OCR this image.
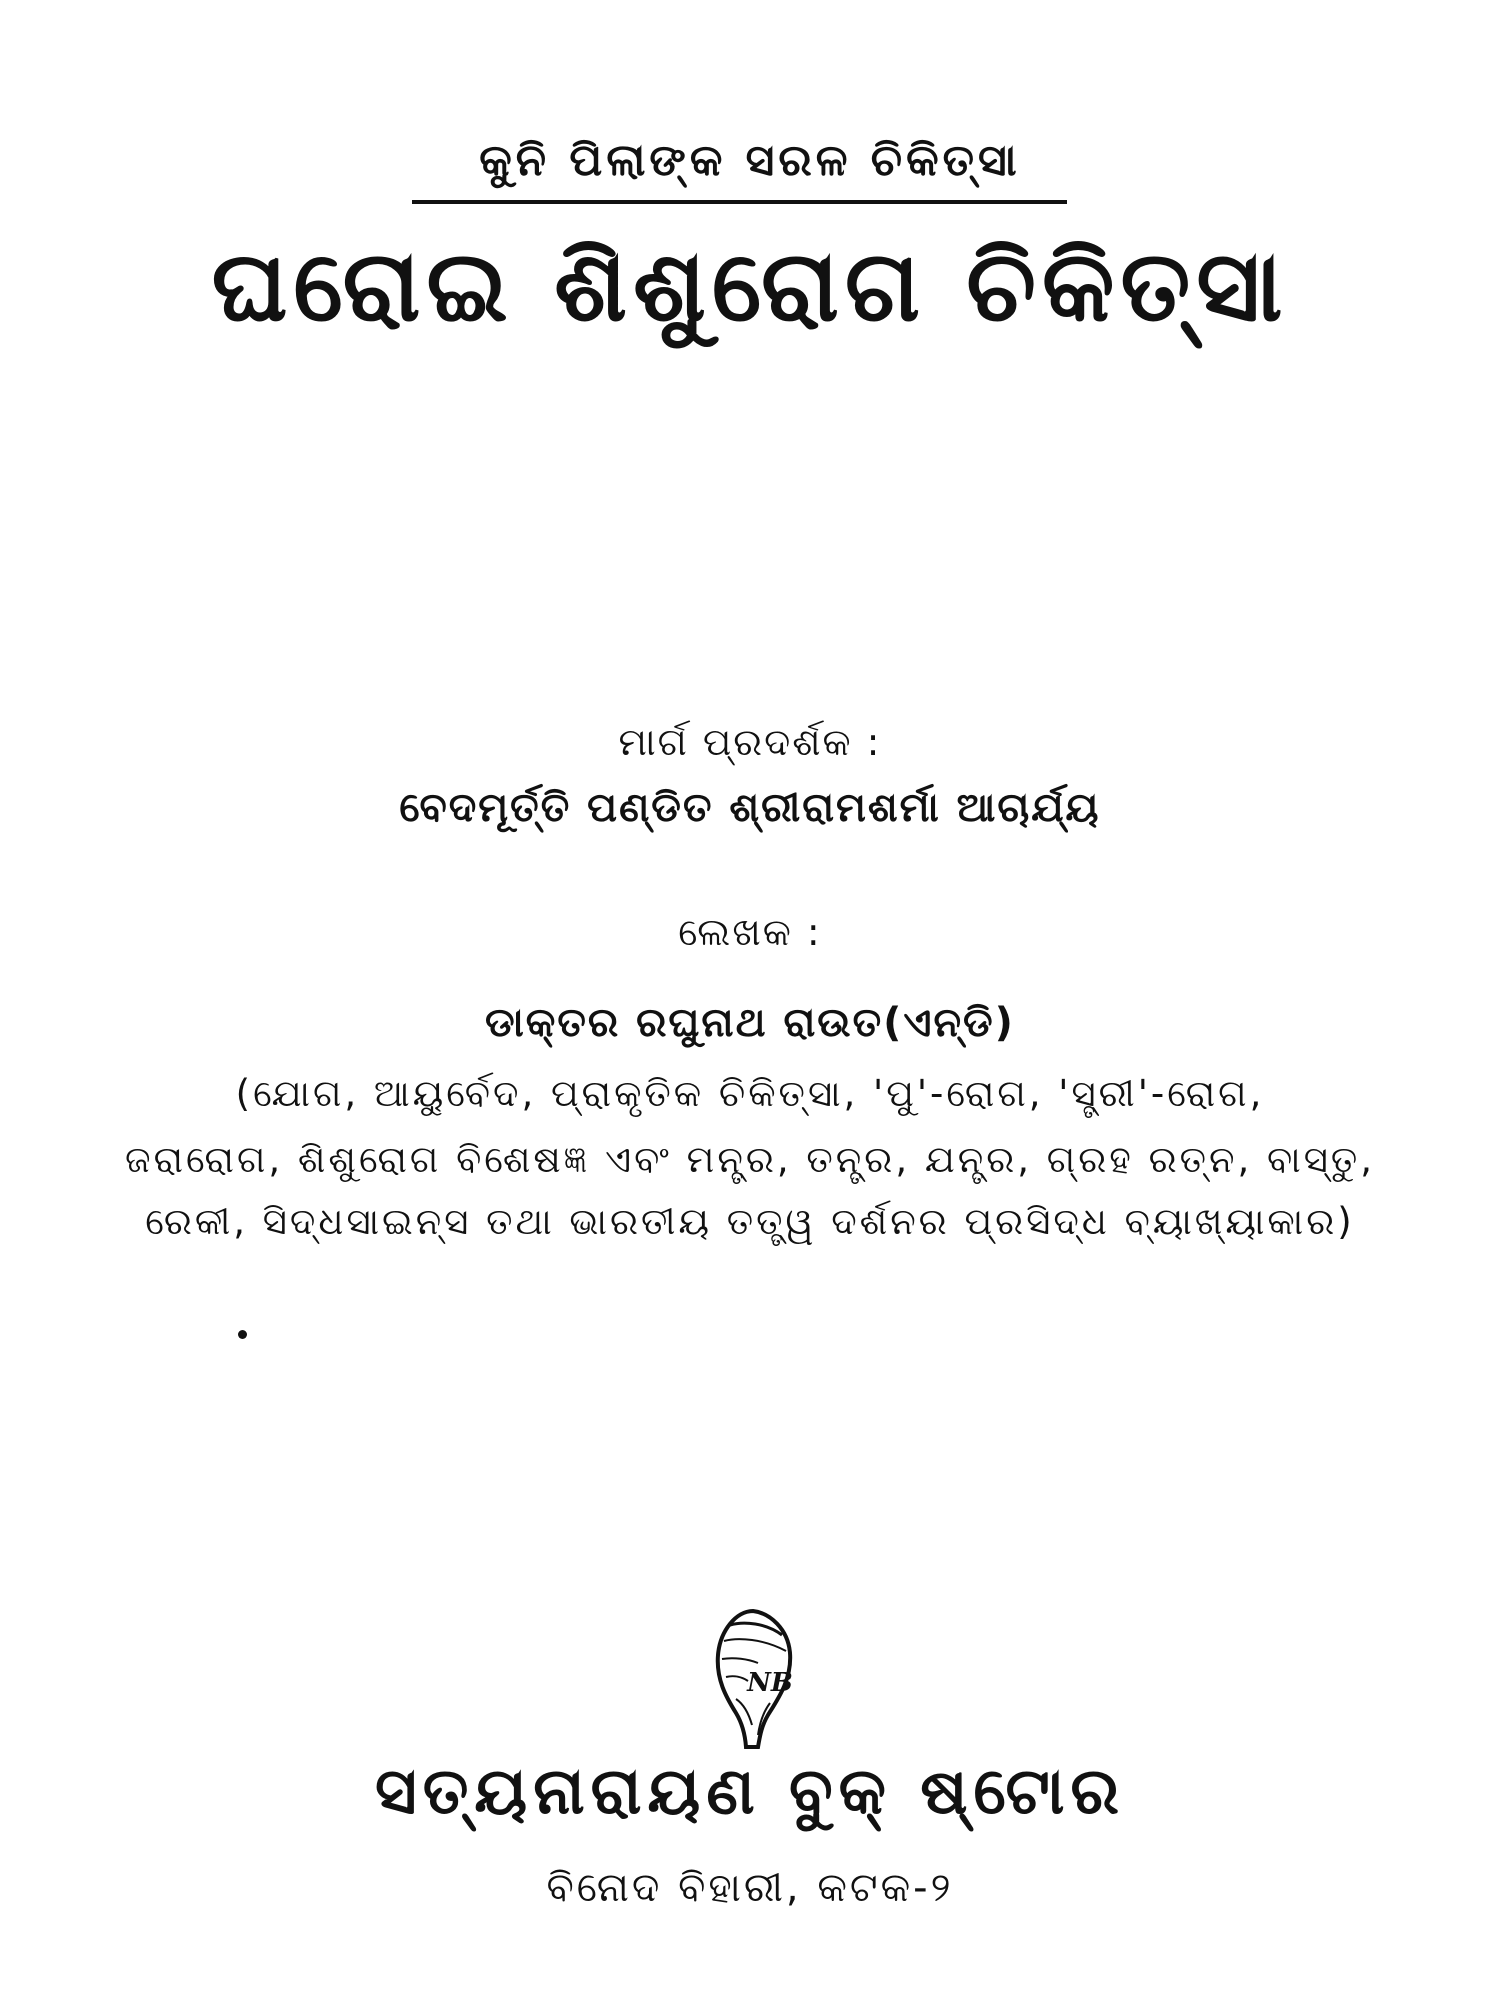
କୁନି ପିଲାଙ୍କ ସରଳ ଚିକିତ୍ସା
ଘରୋଇ ଶିଶୁରୋଗ ଚିକିତ୍ସା
ମାର୍ଗ ପ୍ରଦର୍ଶକ :
ବେଦମୂର୍ତ୍ତି ପଣ୍ଡିତ ଶ୍ରୀରାମଶର୍ମା ଆଚାର୍ଯ୍ୟ
ଲେଖକ :
ଡାକ୍ତର ରଘୁନାଥ ରାଉତ(ଏନ୍‌ଡି)
(ଯୋଗ, ଆୟୁର୍ବେଦ, ପ୍ରାକୃତିକ ଚିକିତ୍ସା, 'ପୁ'-ରୋଗ, 'ସ୍ତ୍ରୀ'-ରୋଗ,
ଜରାରୋଗ, ଶିଶୁରୋଗ ବିଶେଷଜ୍ଞ ଏବଂ ମନ୍ତ୍ର, ତନ୍ତ୍ର, ଯନ୍ତ୍ର, ଗ୍ରହ ରତ୍ନ, ବାସ୍ତୁ,
ରେକୀ, ସିଦ୍ଧସାଇନ୍ସ ତଥା ଭାରତୀୟ ତତ୍ତ୍ୱ ଦର୍ଶନର ପ୍ରସିଦ୍ଧ ବ୍ୟାଖ୍ୟାକାର)
NB
ସତ୍ୟନାରାୟଣ ବୁକ୍ ଷ୍ଟୋର
ବିନୋଦ ବିହାରୀ, କଟକ-୨
